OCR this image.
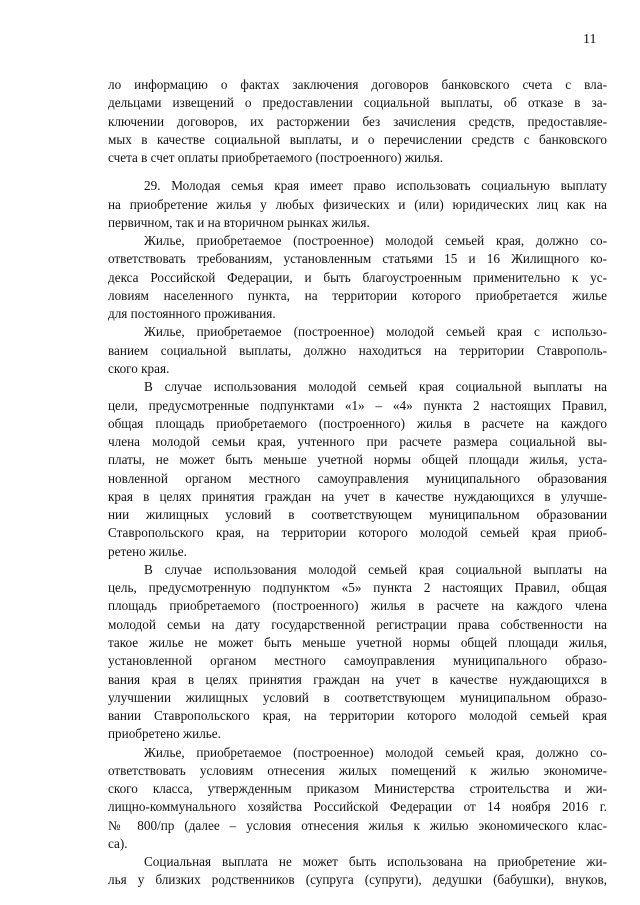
11
ло информацию о фактах заключения договоров банковского счета с вла-
дельцами извещений о предоставлении социальной выплаты, об отказе в за-
ключении договоров, их расторжении без зачисления средств, предоставляе-
мых в качестве социальной выплаты, и о перечислении средств с банковского
счета в счет оплаты приобретаемого (построенного) жилья.
29. Молодая семья края имеет право использовать социальную выплату
на приобретение жилья у любых физических и (или) юридических лиц как на
первичном, так и на вторичном рынках жилья.
Жилье, приобретаемое (построенное) молодой семьей края, должно со-
ответствовать требованиям, установленным статьями 15 и 16 Жилищного ко-
декса Российской Федерации, и быть благоустроенным применительно к ус-
ловиям населенного пункта, на территории которого приобретается жилье
для постоянного проживания.
Жилье, приобретаемое (построенное) молодой семьей края с использо-
ванием социальной выплаты, должно находиться на территории Ставрополь-
ского края.
В случае использования молодой семьей края социальной выплаты на
цели, предусмотренные подпунктами «1» – «4» пункта 2 настоящих Правил,
общая площадь приобретаемого (построенного) жилья в расчете на каждого
члена молодой семьи края, учтенного при расчете размера социальной вы-
платы, не может быть меньше учетной нормы общей площади жилья, уста-
новленной органом местного самоуправления муниципального образования
края в целях принятия граждан на учет в качестве нуждающихся в улучше-
нии жилищных условий в соответствующем муниципальном образовании
Ставропольского края, на территории которого молодой семьей края приоб-
ретено жилье.
В случае использования молодой семьей края социальной выплаты на
цель, предусмотренную подпунктом «5» пункта 2 настоящих Правил, общая
площадь приобретаемого (построенного) жилья в расчете на каждого члена
молодой семьи на дату государственной регистрации права собственности на
такое жилье не может быть меньше учетной нормы общей площади жилья,
установленной органом местного самоуправления муниципального образо-
вания края в целях принятия граждан на учет в качестве нуждающихся в
улучшении жилищных условий в соответствующем муниципальном образо-
вании Ставропольского края, на территории которого молодой семьей края
приобретено жилье.
Жилье, приобретаемое (построенное) молодой семьей края, должно со-
ответствовать условиям отнесения жилых помещений к жилью экономиче-
ского класса, утвержденным приказом Министерства строительства и жи-
лищно-коммунального хозяйства Российской Федерации от 14 ноября 2016 г.
№ 800/пр (далее – условия отнесения жилья к жилью экономического клас-
са).
Социальная выплата не может быть использована на приобретение жи-
лья у близких родственников (супруга (супруги), дедушки (бабушки), внуков,
